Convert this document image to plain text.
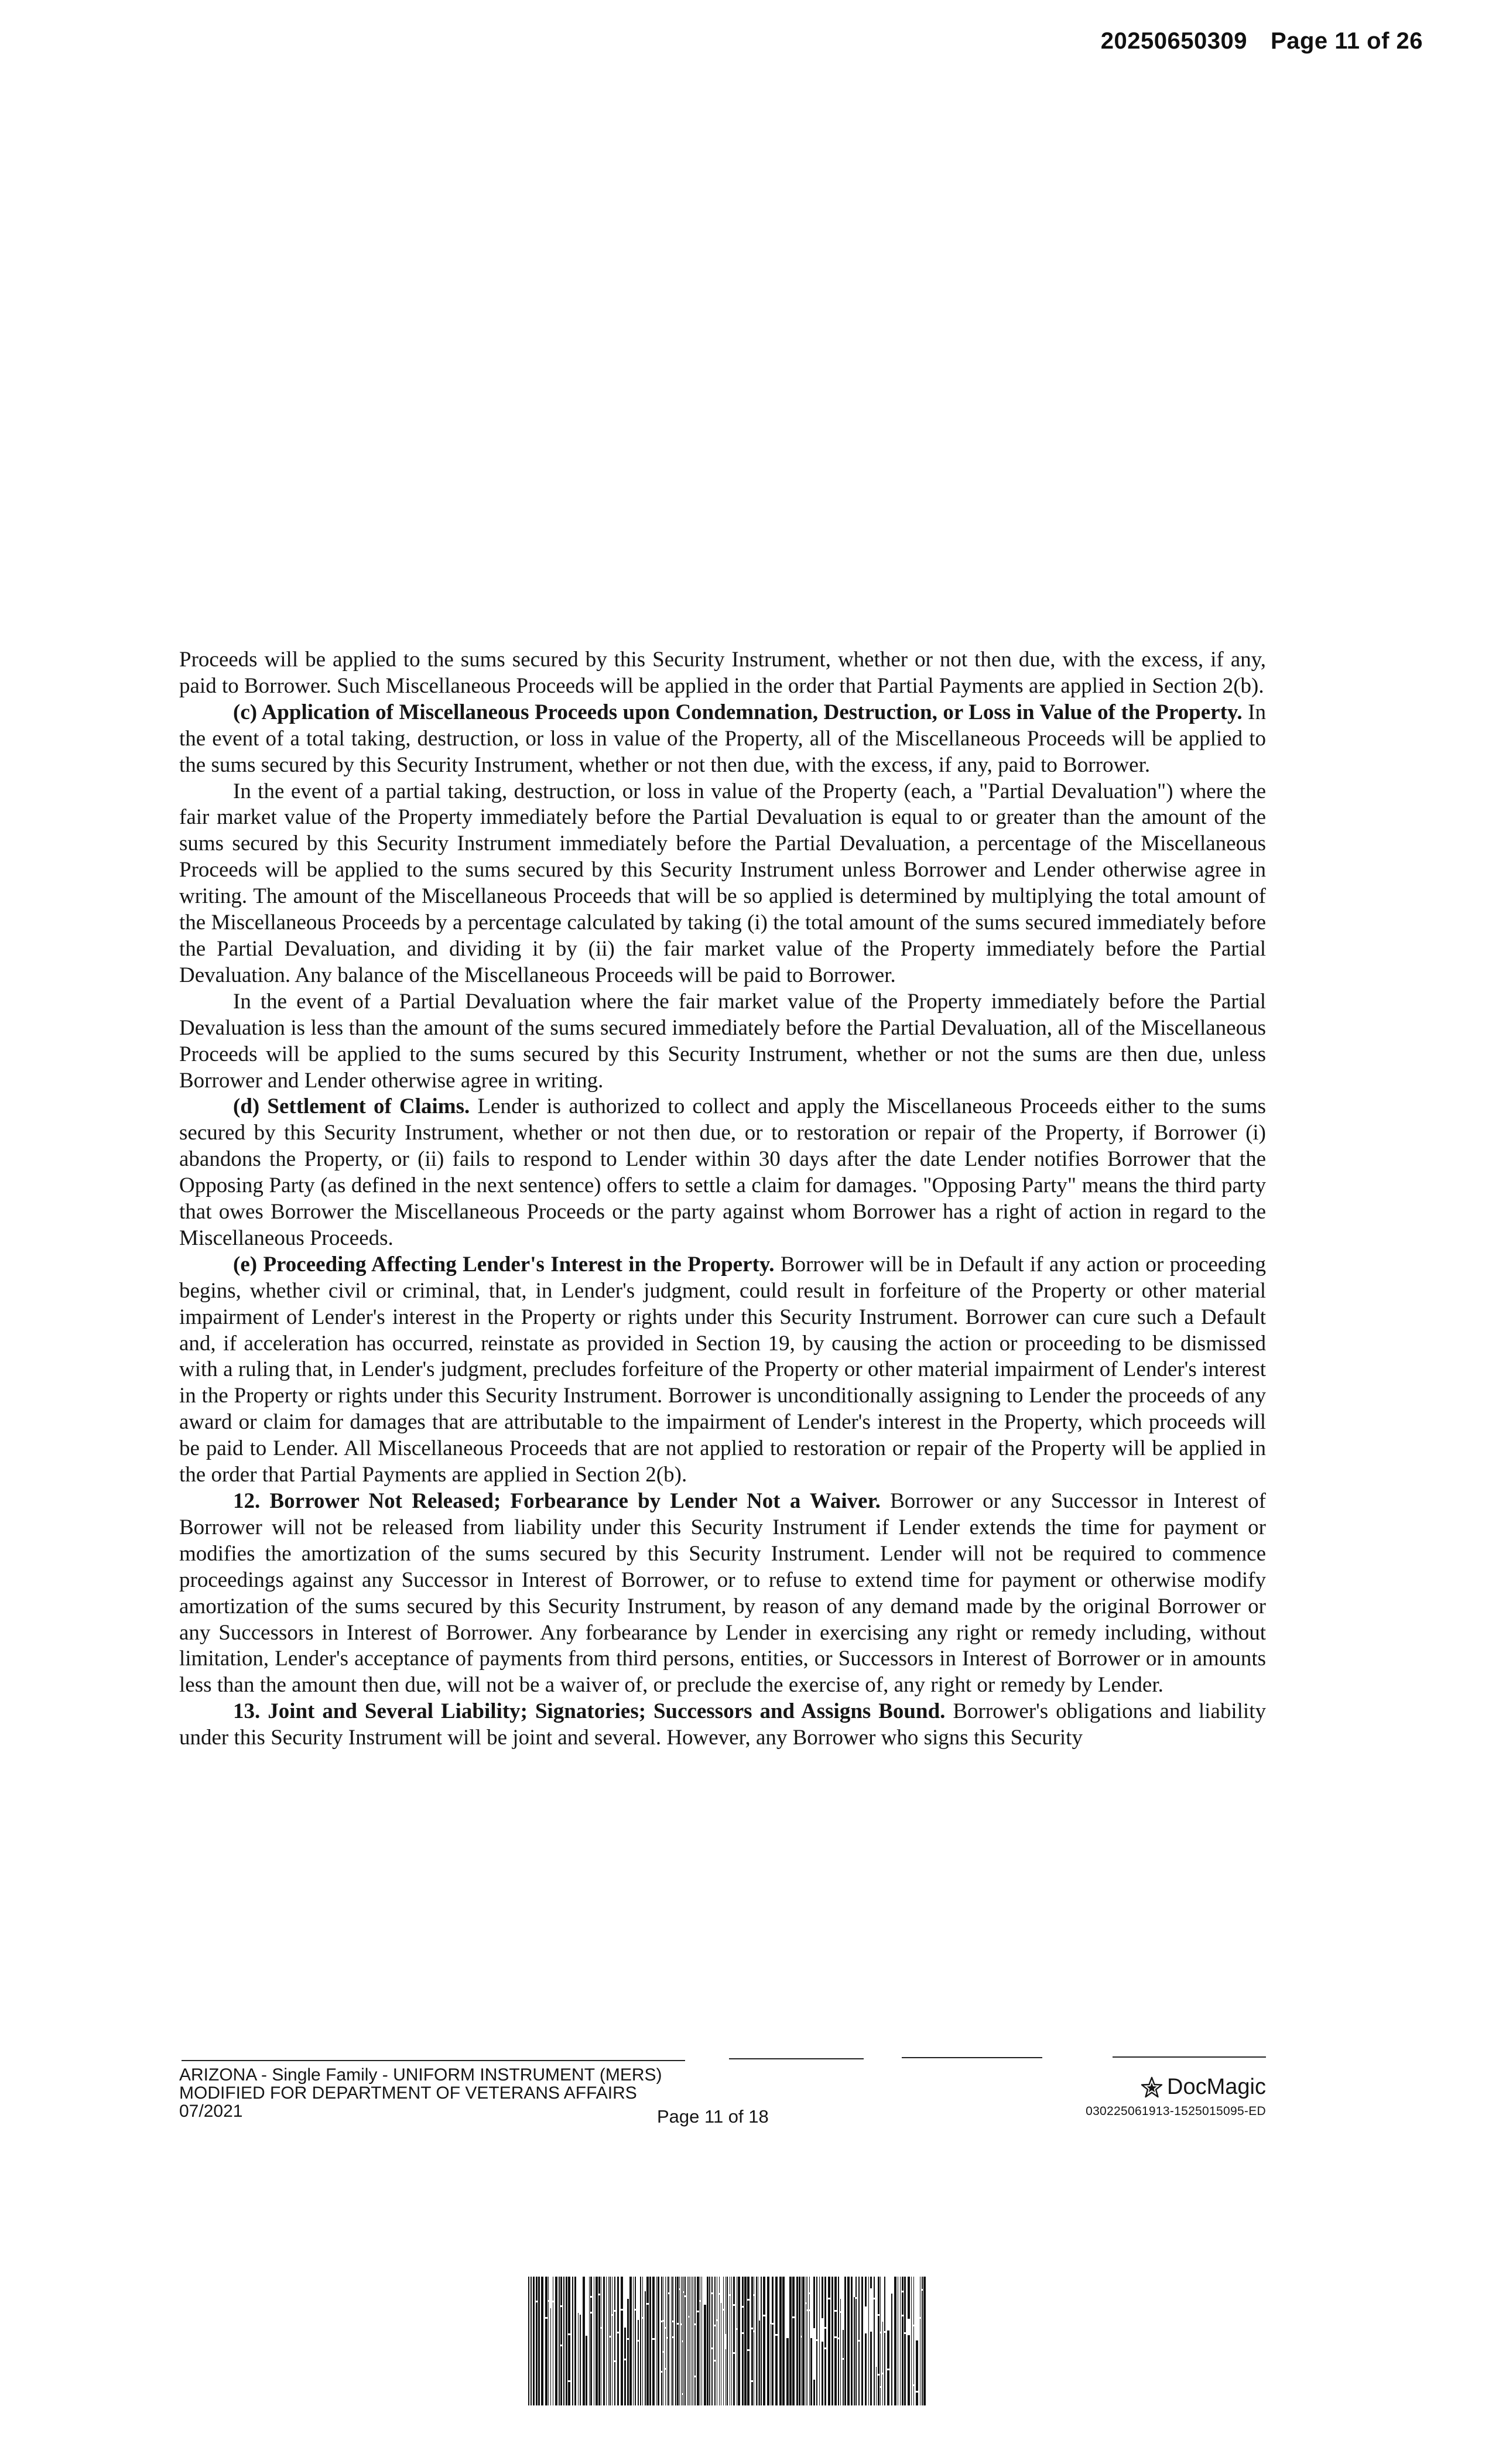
20250650309 Page 11 of 26

Proceeds will be applied to the sums secured by this Security Instrument, whether or not then due, with the excess, if any, paid to Borrower. Such Miscellaneous Proceeds will be applied in the order that Partial Payments are applied in Section 2(b).

(c) Application of Miscellaneous Proceeds upon Condemnation, Destruction, or Loss in Value of the Property. In the event of a total taking, destruction, or loss in value of the Property, all of the Miscellaneous Proceeds will be applied to the sums secured by this Security Instrument, whether or not then due, with the excess, if any, paid to Borrower.

In the event of a partial taking, destruction, or loss in value of the Property (each, a "Partial Devaluation") where the fair market value of the Property immediately before the Partial Devaluation is equal to or greater than the amount of the sums secured by this Security Instrument immediately before the Partial Devaluation, a percentage of the Miscellaneous Proceeds will be applied to the sums secured by this Security Instrument unless Borrower and Lender otherwise agree in writing. The amount of the Miscellaneous Proceeds that will be so applied is determined by multiplying the total amount of the Miscellaneous Proceeds by a percentage calculated by taking (i) the total amount of the sums secured immediately before the Partial Devaluation, and dividing it by (ii) the fair market value of the Property immediately before the Partial Devaluation. Any balance of the Miscellaneous Proceeds will be paid to Borrower.

In the event of a Partial Devaluation where the fair market value of the Property immediately before the Partial Devaluation is less than the amount of the sums secured immediately before the Partial Devaluation, all of the Miscellaneous Proceeds will be applied to the sums secured by this Security Instrument, whether or not the sums are then due, unless Borrower and Lender otherwise agree in writing.

(d) Settlement of Claims. Lender is authorized to collect and apply the Miscellaneous Proceeds either to the sums secured by this Security Instrument, whether or not then due, or to restoration or repair of the Property, if Borrower (i) abandons the Property, or (ii) fails to respond to Lender within 30 days after the date Lender notifies Borrower that the Opposing Party (as defined in the next sentence) offers to settle a claim for damages. "Opposing Party" means the third party that owes Borrower the Miscellaneous Proceeds or the party against whom Borrower has a right of action in regard to the Miscellaneous Proceeds.

(e) Proceeding Affecting Lender's Interest in the Property. Borrower will be in Default if any action or proceeding begins, whether civil or criminal, that, in Lender's judgment, could result in forfeiture of the Property or other material impairment of Lender's interest in the Property or rights under this Security Instrument. Borrower can cure such a Default and, if acceleration has occurred, reinstate as provided in Section 19, by causing the action or proceeding to be dismissed with a ruling that, in Lender's judgment, precludes forfeiture of the Property or other material impairment of Lender's interest in the Property or rights under this Security Instrument. Borrower is unconditionally assigning to Lender the proceeds of any award or claim for damages that are attributable to the impairment of Lender's interest in the Property, which proceeds will be paid to Lender. All Miscellaneous Proceeds that are not applied to restoration or repair of the Property will be applied in the order that Partial Payments are applied in Section 2(b).

12. Borrower Not Released; Forbearance by Lender Not a Waiver. Borrower or any Successor in Interest of Borrower will not be released from liability under this Security Instrument if Lender extends the time for payment or modifies the amortization of the sums secured by this Security Instrument. Lender will not be required to commence proceedings against any Successor in Interest of Borrower, or to refuse to extend time for payment or otherwise modify amortization of the sums secured by this Security Instrument, by reason of any demand made by the original Borrower or any Successors in Interest of Borrower. Any forbearance by Lender in exercising any right or remedy including, without limitation, Lender's acceptance of payments from third persons, entities, or Successors in Interest of Borrower or in amounts less than the amount then due, will not be a waiver of, or preclude the exercise of, any right or remedy by Lender.

13. Joint and Several Liability; Signatories; Successors and Assigns Bound. Borrower's obligations and liability under this Security Instrument will be joint and several. However, any Borrower who signs this Security

ARIZONA - Single Family - UNIFORM INSTRUMENT (MERS)
MODIFIED FOR DEPARTMENT OF VETERANS AFFAIRS
07/2021	Page 11 of 18
DocMagic
030225061913-1525015095-ED
